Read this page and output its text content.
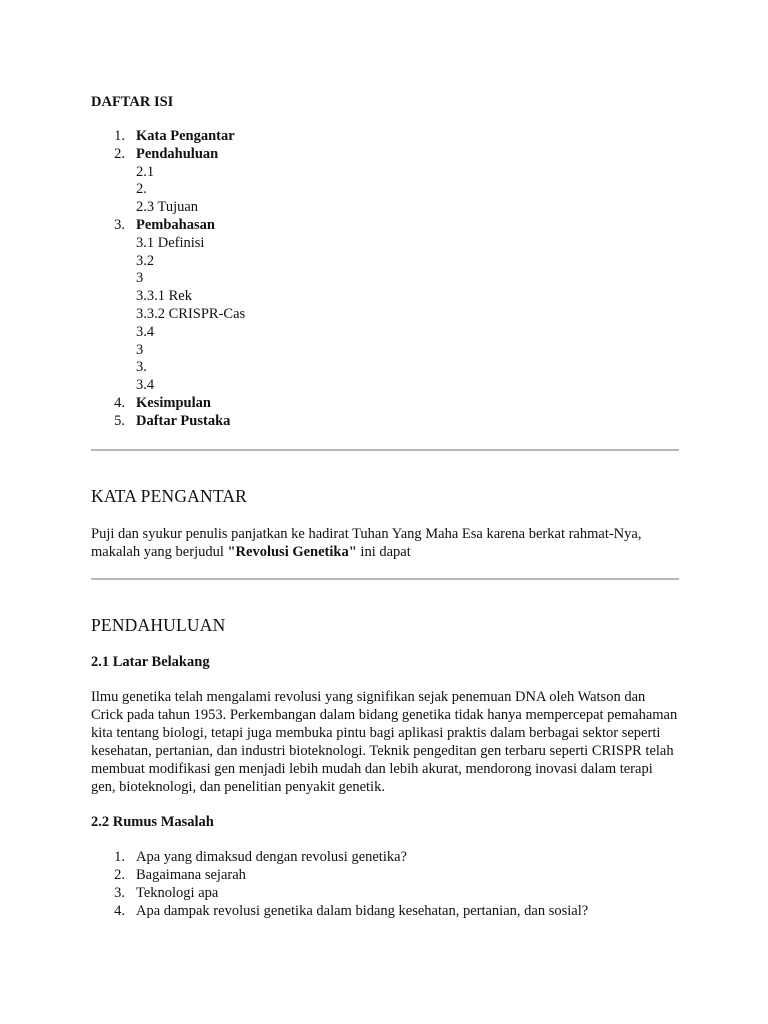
DAFTAR ISI
1. Kata Pengantar
2. Pendahuluan
2.1
2.
2.3 Tujuan
3. Pembahasan
3.1 Definisi
3.2
3
3.3.1 Rek
3.3.2 CRISPR-Cas
3.4
3
3.
3.4
4. Kesimpulan
5. Daftar Pustaka
KATA PENGANTAR

Puji dan syukur penulis panjatkan ke hadirat Tuhan Yang Maha Esa karena berkat rahmat-Nya, makalah yang berjudul "Revolusi Genetika" ini dapat

PENDAHULUAN
2.1 Latar Belakang

Ilmu genetika telah mengalami revolusi yang signifikan sejak penemuan DNA oleh Watson dan Crick pada tahun 1953. Perkembangan dalam bidang genetika tidak hanya mempercepat pemahaman kita tentang biologi, tetapi juga membuka pintu bagi aplikasi praktis dalam berbagai sektor seperti kesehatan, pertanian, dan industri bioteknologi. Teknik pengeditan gen terbaru seperti CRISPR telah membuat modifikasi gen menjadi lebih mudah dan lebih akurat, mendorong inovasi dalam terapi gen, bioteknologi, dan penelitian penyakit genetik.

2.2 Rumus Masalah
1. Apa yang dimaksud dengan revolusi genetika?
2. Bagaimana sejarah
3. Teknologi apa
4. Apa dampak revolusi genetika dalam bidang kesehatan, pertanian, dan sosial?
